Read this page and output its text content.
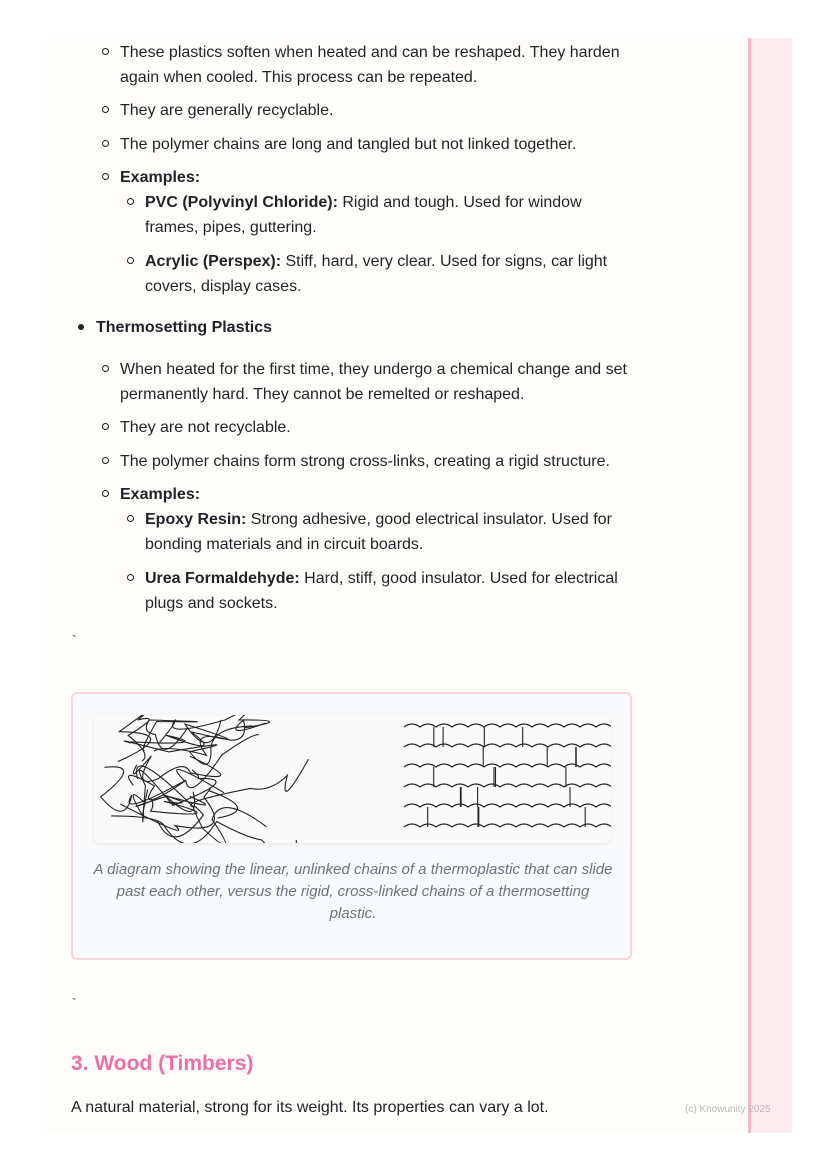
These plastics soften when heated and can be reshaped. They harden again when cooled. This process can be repeated.
They are generally recyclable.
The polymer chains are long and tangled but not linked together.
Examples:
PVC (Polyvinyl Chloride): Rigid and tough. Used for window frames, pipes, guttering.
Acrylic (Perspex): Stiff, hard, very clear. Used for signs, car light covers, display cases.
Thermosetting Plastics
When heated for the first time, they undergo a chemical change and set permanently hard. They cannot be remelted or reshaped.
They are not recyclable.
The polymer chains form strong cross-links, creating a rigid structure.
Examples:
Epoxy Resin: Strong adhesive, good electrical insulator. Used for bonding materials and in circuit boards.
Urea Formaldehyde: Hard, stiff, good insulator. Used for electrical plugs and sockets.
`
A diagram showing the linear, unlinked chains of a thermoplastic that can slide past each other, versus the rigid, cross-linked chains of a thermosetting plastic.
`
3. Wood (Timbers)
A natural material, strong for its weight. Its properties can vary a lot.	(c) Knowunity 2025
